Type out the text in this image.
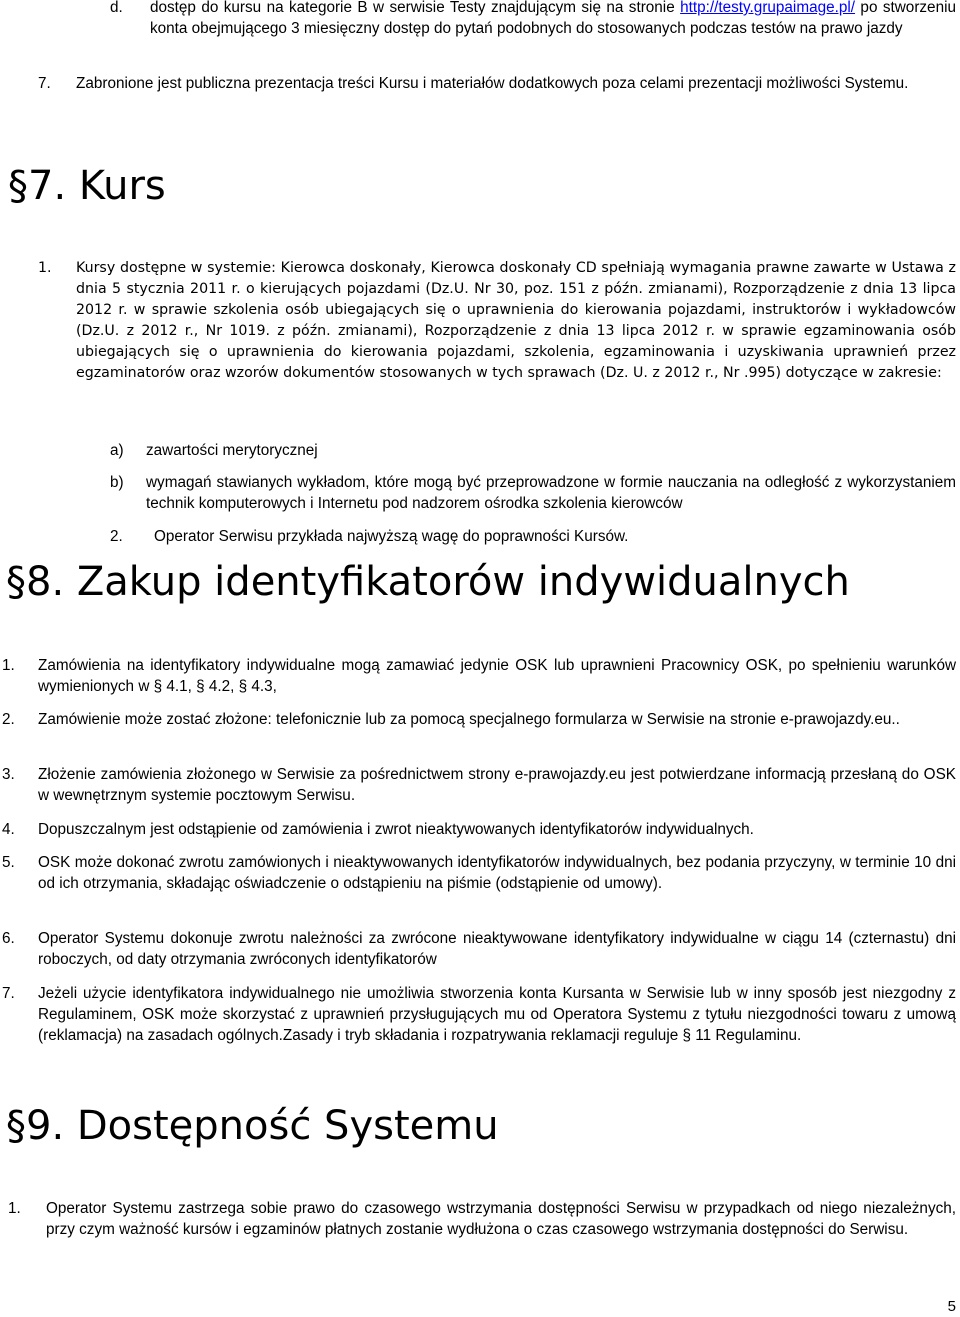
d.	dostęp do kursu na kategorie B w serwisie Testy znajdującym się na stronie http://testy.grupaimage.pl/ po stworzeniu konta obejmującego 3 miesięczny dostęp do pytań podobnych do stosowanych podczas testów na prawo jazdy
7. Zabronione jest publiczna prezentacja treści Kursu i materiałów dodatkowych poza celami prezentacji możliwości Systemu.
§7. Kurs
1. Kursy dostępne w systemie: Kierowca doskonały, Kierowca doskonały CD spełniają wymagania prawne zawarte w Ustawa z dnia 5 stycznia 2011 r. o kierujących pojazdami (Dz.U. Nr 30, poz. 151 z późn. zmianami), Rozporządzenie z dnia 13 lipca 2012 r. w sprawie szkolenia osób ubiegających się o uprawnienia do kierowania pojazdami, instruktorów i wykładowców (Dz.U. z 2012 r., Nr 1019. z późn. zmianami), Rozporządzenie z dnia 13 lipca 2012 r. w sprawie egzaminowania osób ubiegających się o uprawnienia do kierowania pojazdami, szkolenia, egzaminowania i uzyskiwania uprawnień przez egzaminatorów oraz wzorów dokumentów stosowanych w tych sprawach (Dz. U. z 2012 r., Nr .995) dotyczące w zakresie:
a) zawartości merytorycznej
b) wymagań stawianych wykładom, które mogą być przeprowadzone w formie nauczania na odległość z wykorzystaniem technik komputerowych i Internetu pod nadzorem ośrodka szkolenia kierowców
2. Operator Serwisu przykłada najwyższą wagę do poprawności Kursów.
§8. Zakup identyfikatorów indywidualnych
1. Zamówienia na identyfikatory indywidualne mogą zamawiać jedynie OSK lub uprawnieni Pracownicy OSK, po spełnieniu warunków wymienionych w § 4.1, § 4.2, § 4.3,
2. Zamówienie może zostać złożone: telefonicznie lub za pomocą specjalnego formularza w Serwisie na stronie e-prawojazdy.eu..
3. Złożenie zamówienia złożonego w Serwisie za pośrednictwem strony e-prawojazdy.eu jest potwierdzane informacją przesłaną do OSK w wewnętrznym systemie pocztowym Serwisu.
4. Dopuszczalnym jest odstąpienie od zamówienia i zwrot nieaktywowanych identyfikatorów indywidualnych.
5. OSK może dokonać zwrotu zamówionych i nieaktywowanych identyfikatorów indywidualnych, bez podania przyczyny, w terminie 10 dni od ich otrzymania, składając oświadczenie o odstąpieniu na piśmie (odstąpienie od umowy).
6. Operator Systemu dokonuje zwrotu należności za zwrócone nieaktywowane identyfikatory indywidualne w ciągu 14 (czternastu) dni roboczych, od daty otrzymania zwróconych identyfikatorów
7. Jeżeli użycie identyfikatora indywidualnego nie umożliwia stworzenia konta Kursanta w Serwisie lub w inny sposób jest niezgodny z Regulaminem, OSK może skorzystać z uprawnień przysługujących mu od Operatora Systemu z tytułu niezgodności towaru z umową (reklamacja) na zasadach ogólnych.Zasady i tryb składania i rozpatrywania reklamacji reguluje § 11 Regulaminu.
§9. Dostępność Systemu
1. Operator Systemu zastrzega sobie prawo do czasowego wstrzymania dostępności Serwisu w przypadkach od niego niezależnych, przy czym ważność kursów i egzaminów płatnych zostanie wydłużona o czas czasowego wstrzymania dostępności do Serwisu.
5
